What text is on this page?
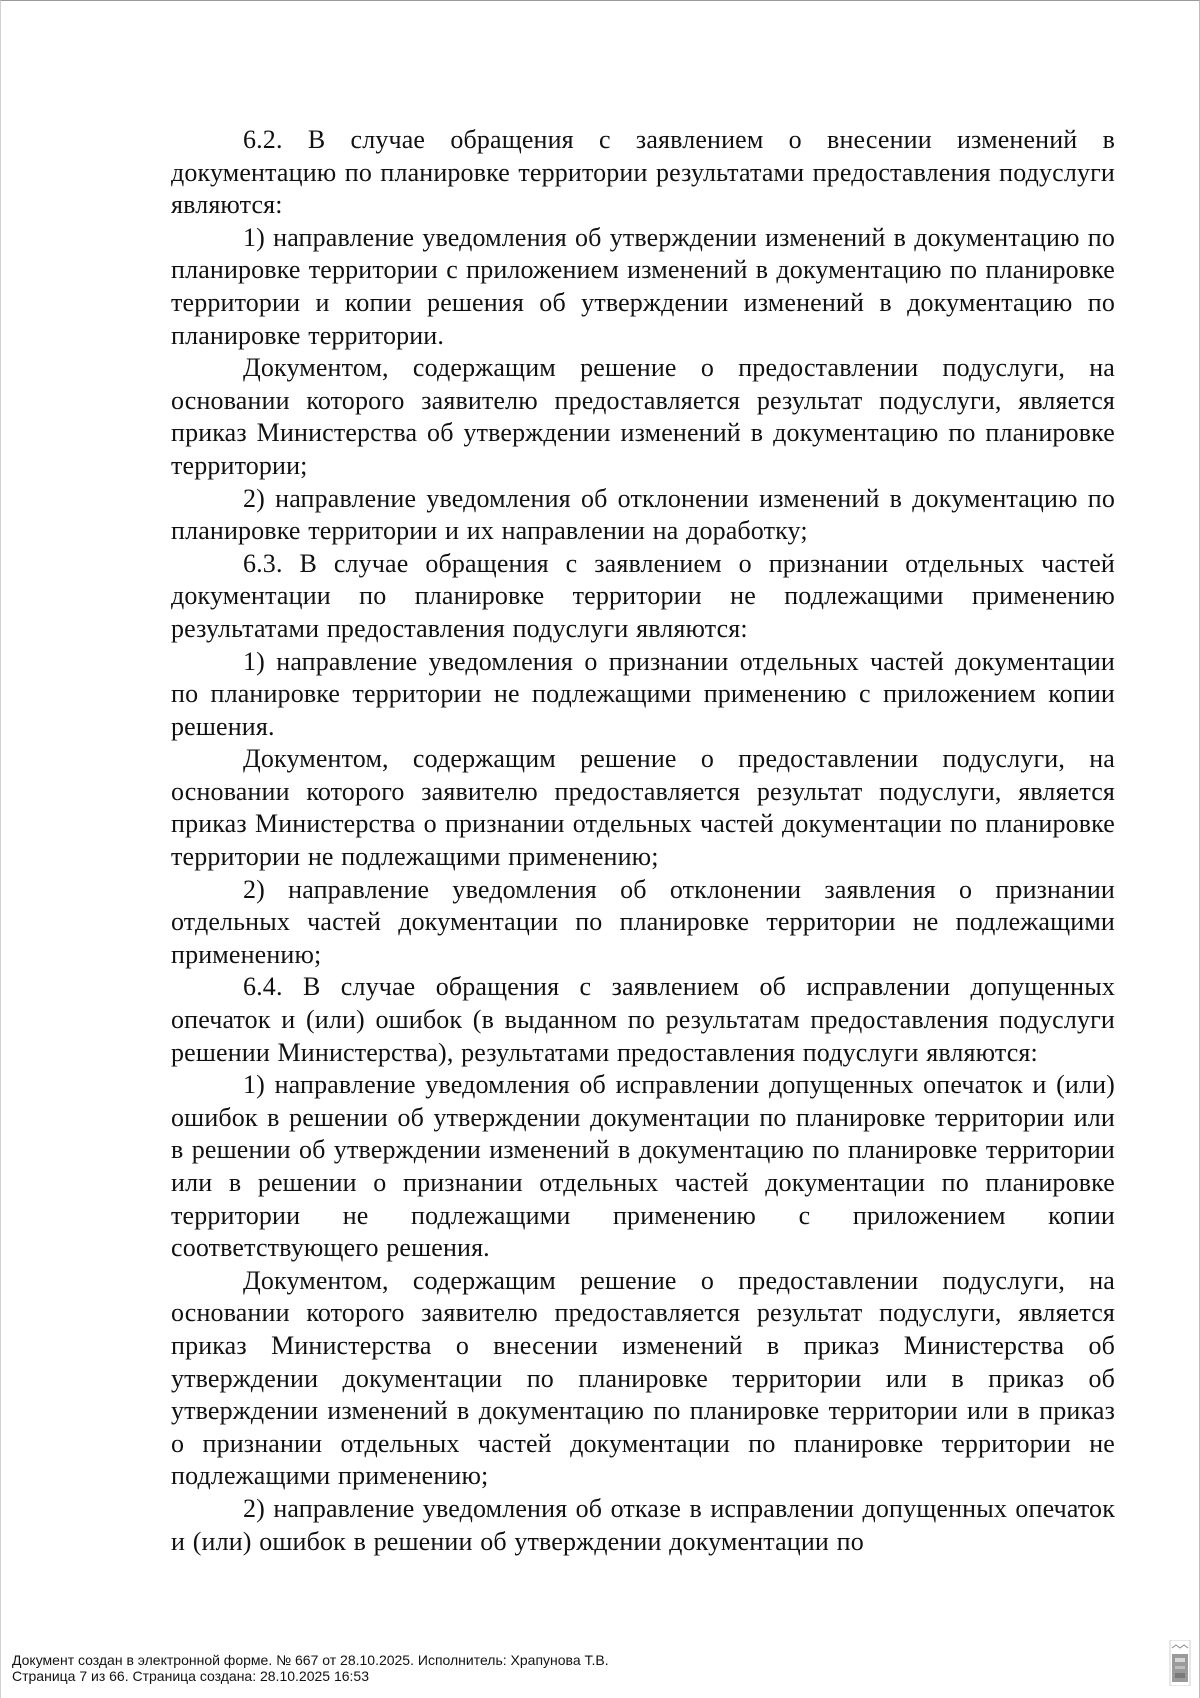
6.2. В случае обращения с заявлением о внесении изменений в документацию по планировке территории результатами предоставления подуслуги являются:

1) направление уведомления об утверждении изменений в документацию по планировке территории с приложением изменений в документацию по планировке территории и копии решения об утверждении изменений в документацию по планировке территории.

Документом, содержащим решение о предоставлении подуслуги, на основании которого заявителю предоставляется результат подуслуги, является приказ Министерства об утверждении изменений в документацию по планировке территории;

2) направление уведомления об отклонении изменений в документацию по планировке территории и их направлении на доработку;

6.3. В случае обращения с заявлением о признании отдельных частей документации по планировке территории не подлежащими применению результатами предоставления подуслуги являются:

1) направление уведомления о признании отдельных частей документации по планировке территории не подлежащими применению с приложением копии решения.

Документом, содержащим решение о предоставлении подуслуги, на основании которого заявителю предоставляется результат подуслуги, является приказ Министерства о признании отдельных частей документации по планировке территории не подлежащими применению;

2) направление уведомления об отклонении заявления о признании отдельных частей документации по планировке территории не подлежащими применению;

6.4. В случае обращения с заявлением об исправлении допущенных опечаток и (или) ошибок (в выданном по результатам предоставления подуслуги решении Министерства), результатами предоставления подуслуги являются:

1) направление уведомления об исправлении допущенных опечаток и (или) ошибок в решении об утверждении документации по планировке территории или в решении об утверждении изменений в документацию по планировке территории или в решении о признании отдельных частей документации по планировке территории не подлежащими применению с приложением копии соответствующего решения.

Документом, содержащим решение о предоставлении подуслуги, на основании которого заявителю предоставляется результат подуслуги, является приказ Министерства о внесении изменений в приказ Министерства об утверждении документации по планировке территории или в приказ об утверждении изменений в документацию по планировке территории или в приказ о признании отдельных частей документации по планировке территории не подлежащими применению;

2) направление уведомления об отказе в исправлении допущенных опечаток и (или) ошибок в решении об утверждении документации по

Документ создан в электронной форме. № 667 от 28.10.2025. Исполнитель: Храпунова Т.В.
Страница 7 из 66. Страница создана: 28.10.2025 16:53
